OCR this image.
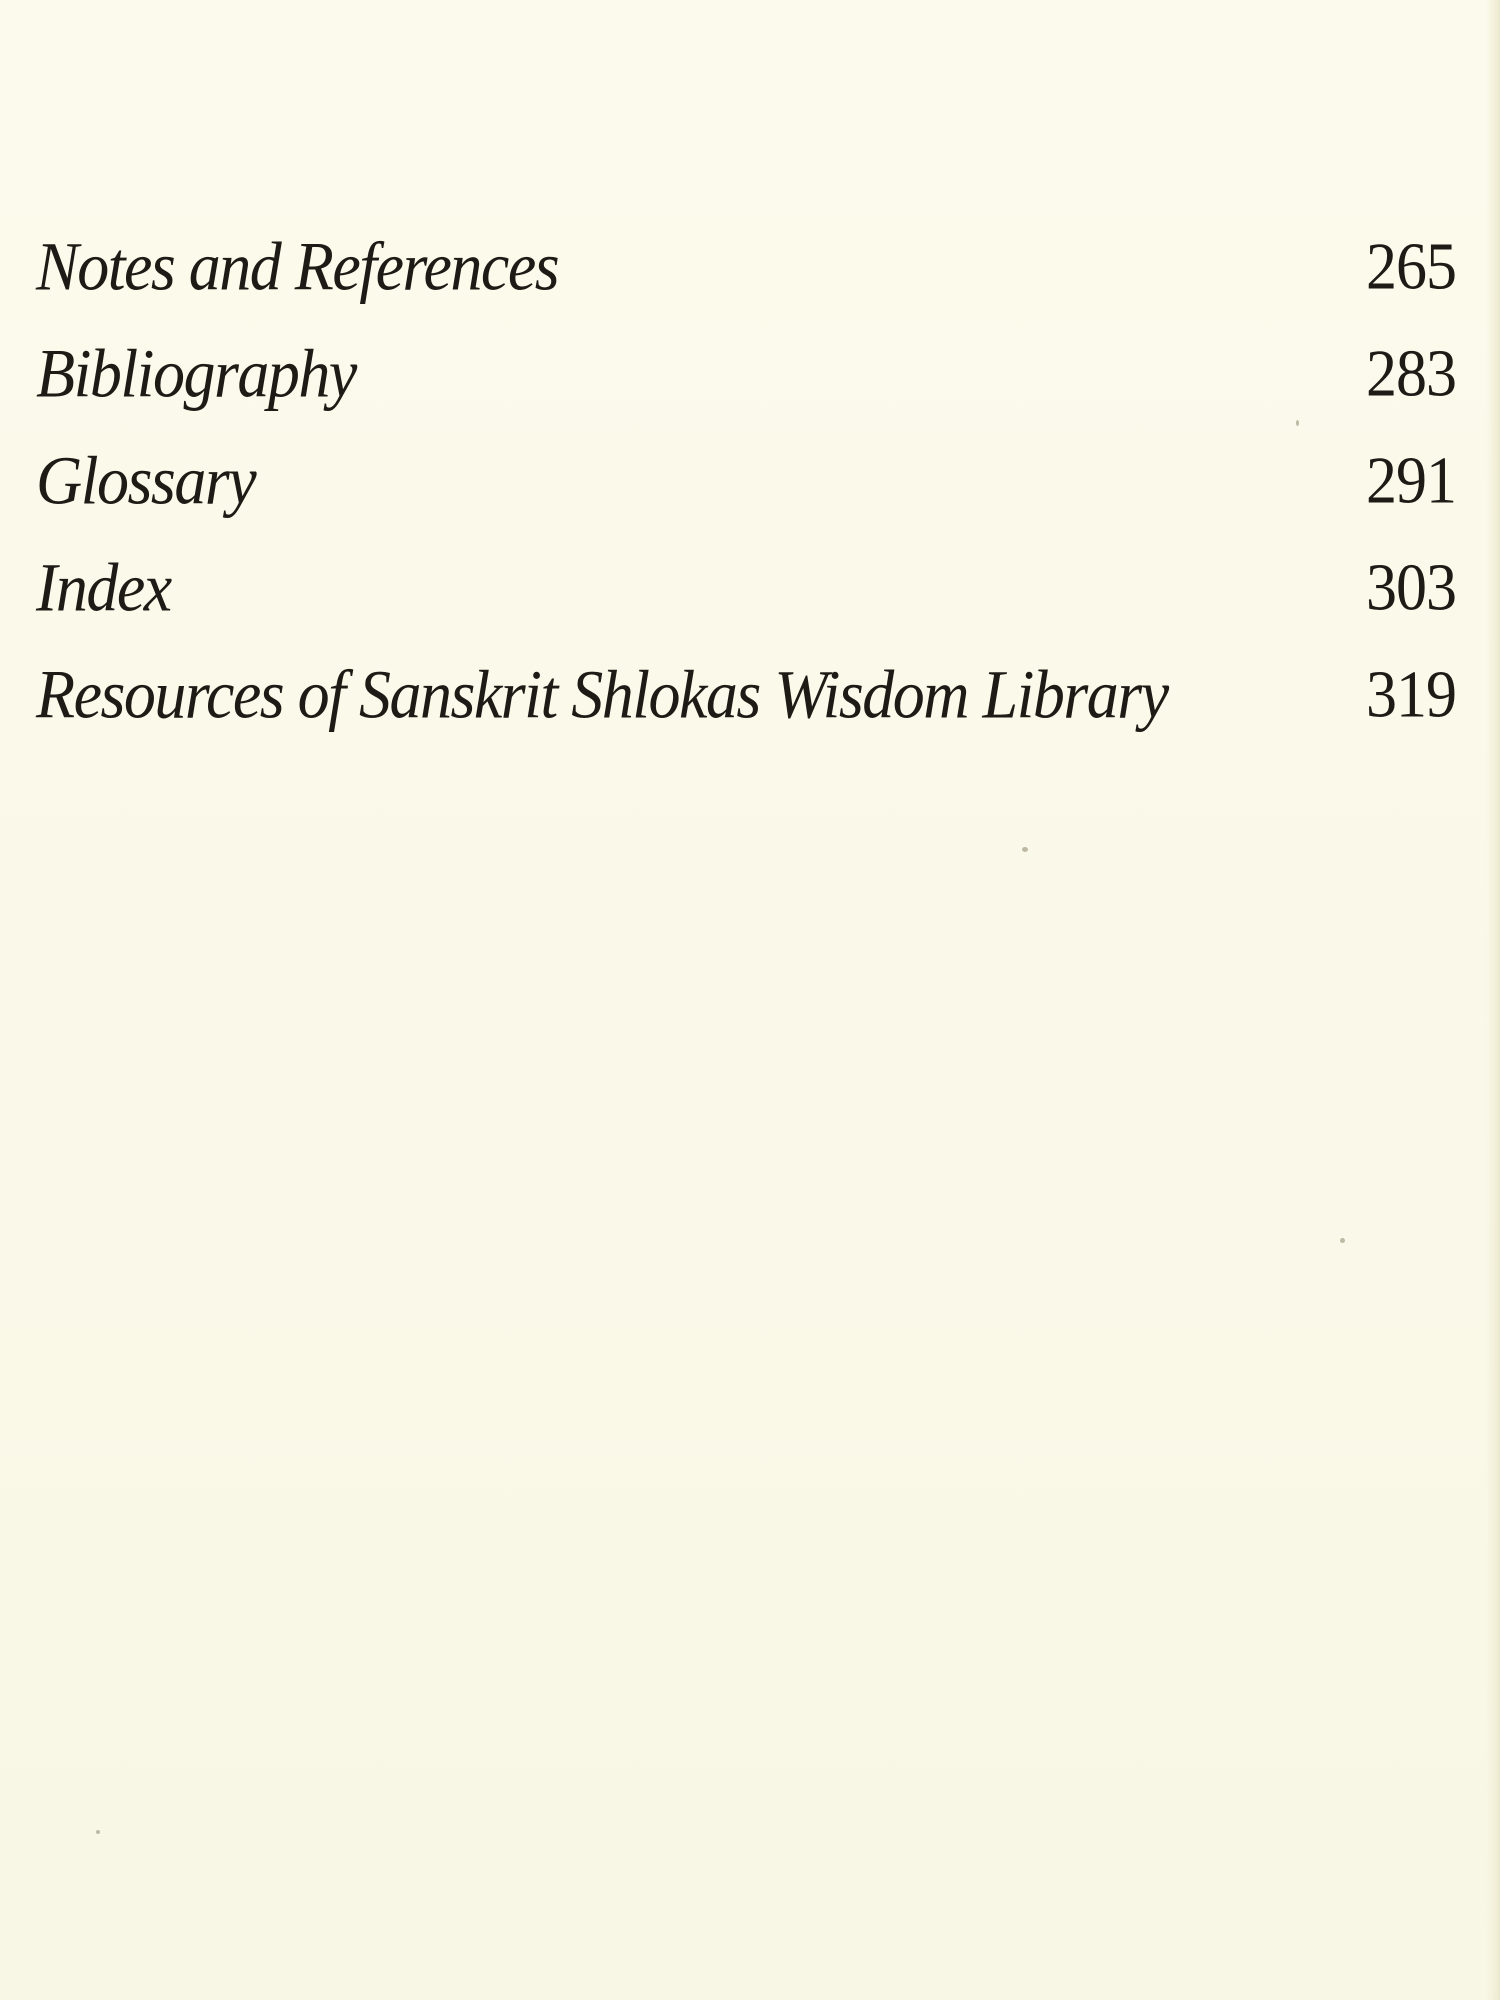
Notes and References	265
Bibliography	283
Glossary	291
Index	303
Resources of Sanskrit Shlokas Wisdom Library	319
